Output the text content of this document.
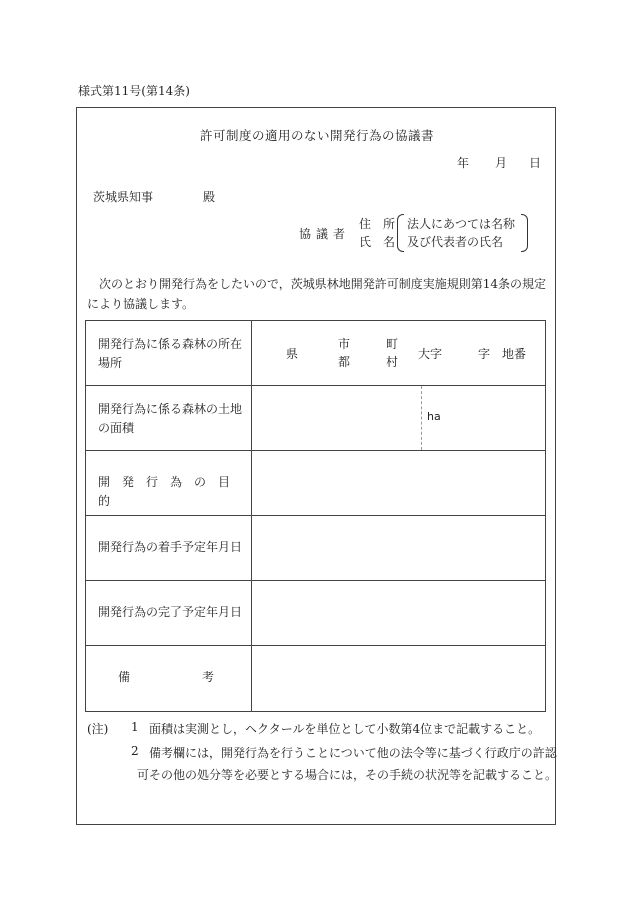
様式第11号(第14条)
許可制度の適用のない開発行為の協議書
年 月 日
茨城県知事	殿
協議者
住　所
氏　名
法人にあつては名称
及び代表者の氏名
次のとおり開発行為をしたいので，茨城県林地開発許可制度実施規則第14条の規定により協議します。
開発行為に係る森林の所在場所
県
市
都
町
村
大字	字 地番
開発行為に係る森林の土地の面積
ha
開　発　行　為　の　目　的
開発行為の着手予定年月日
開発行為の完了予定年月日
備　　　　　　考
(注) 1 面積は実測とし，ヘクタールを単位として小数第4位まで記載すること。
2 備考欄には，開発行為を行うことについて他の法令等に基づく行政庁の許認
可その他の処分等を必要とする場合には，その手続の状況等を記載すること。
